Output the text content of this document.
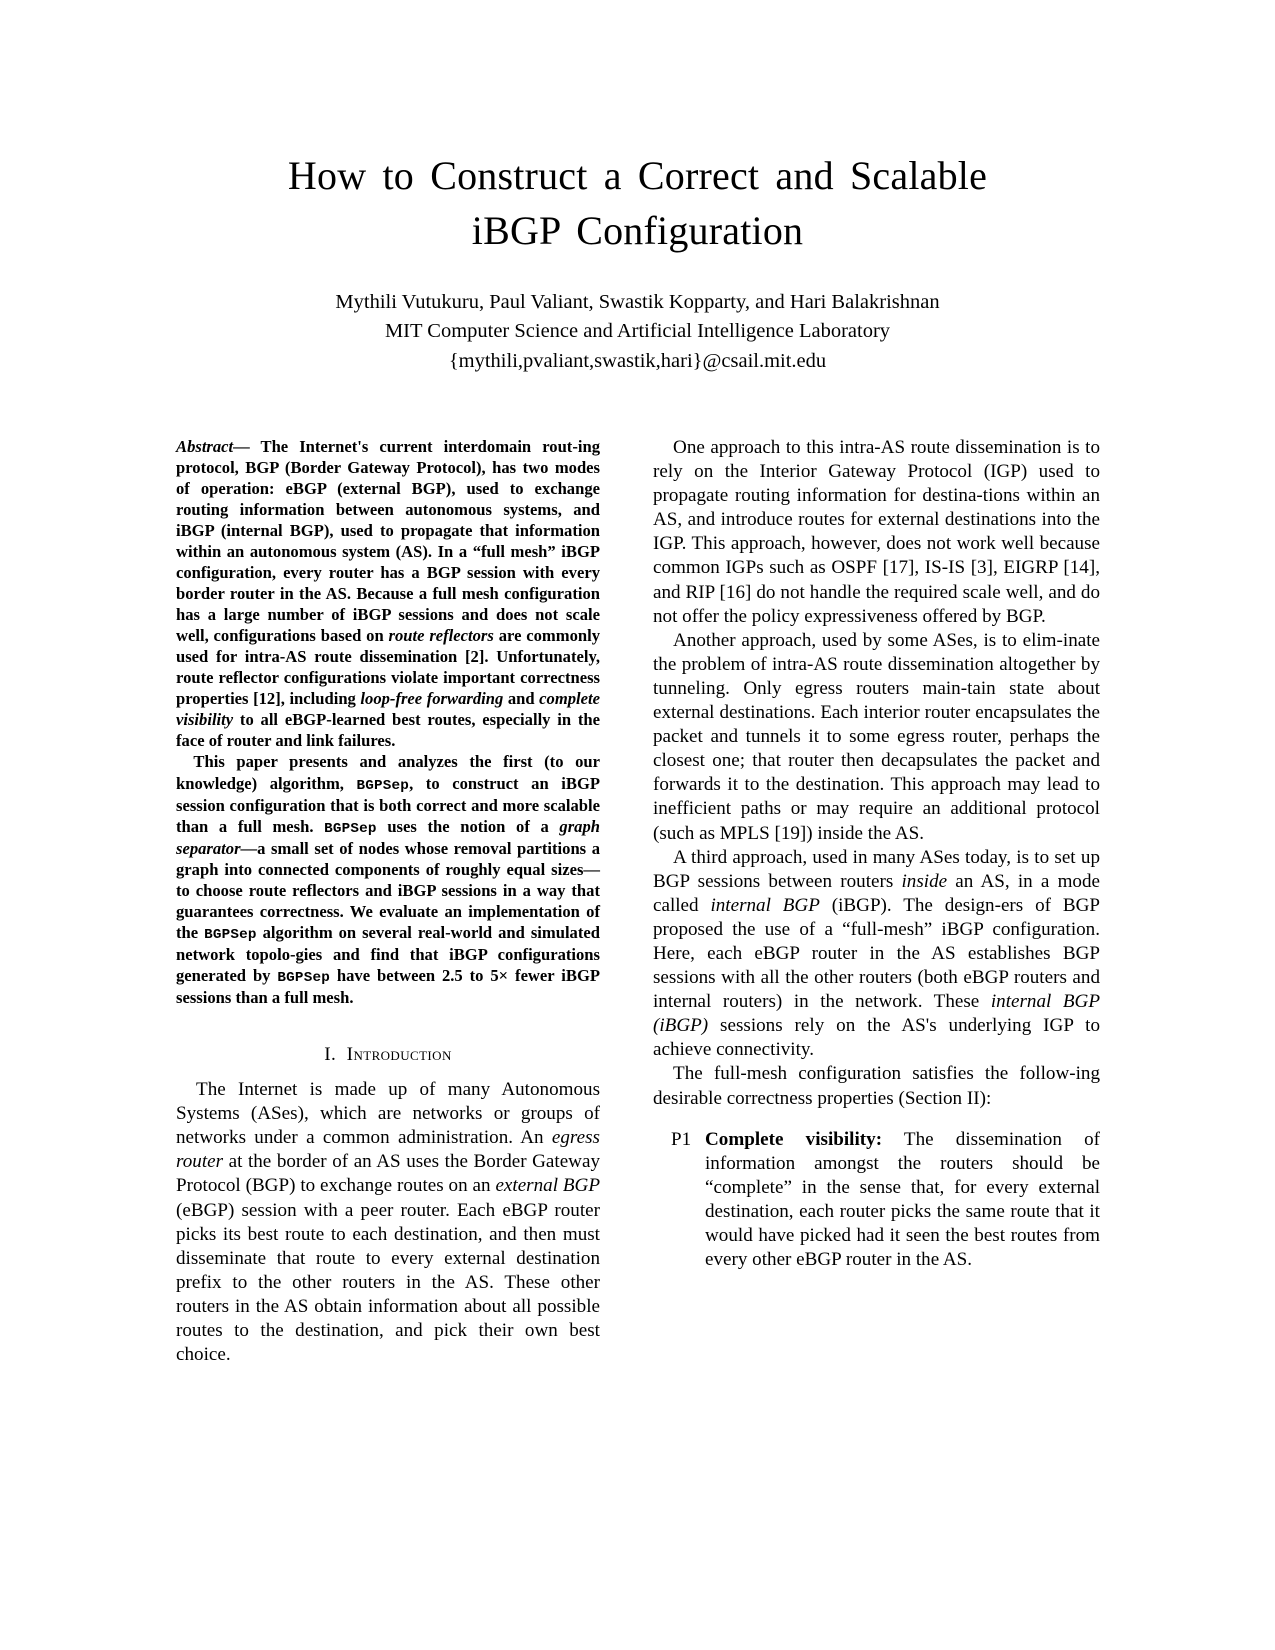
How to Construct a Correct and Scalable
iBGP Configuration
Mythili Vutukuru, Paul Valiant, Swastik Kopparty, and Hari Balakrishnan
MIT Computer Science and Artificial Intelligence Laboratory
{mythili,pvaliant,swastik,hari}@csail.mit.edu

Abstract— The Internet's current interdomain rout-ing protocol, BGP (Border Gateway Protocol), has two modes of operation: eBGP (external BGP), used to exchange routing information between autonomous systems, and iBGP (internal BGP), used to propagate that information within an autonomous system (AS). In a “full mesh” iBGP configuration, every router has a BGP session with every border router in the AS. Because a full mesh configuration has a large number of iBGP sessions and does not scale well, configurations based on route reflectors are commonly used for intra-AS route dissemination [2]. Unfortunately, route reflector configurations violate important correctness properties [12], including loop-free forwarding and complete visibility to all eBGP-learned best routes, especially in the face of router and link failures.

This paper presents and analyzes the first (to our knowledge) algorithm, BGPSep, to construct an iBGP session configuration that is both correct and more scalable than a full mesh. BGPSep uses the notion of a graph separator—a small set of nodes whose removal partitions a graph into connected components of roughly equal sizes—to choose route reflectors and iBGP sessions in a way that guarantees correctness. We evaluate an implementation of the BGPSep algorithm on several real-world and simulated network topolo-gies and find that iBGP configurations generated by BGPSep have between 2.5 to 5× fewer iBGP sessions than a full mesh.

I. Introduction

The Internet is made up of many Autonomous Systems (ASes), which are networks or groups of networks under a common administration. An egress router at the border of an AS uses the Border Gateway Protocol (BGP) to exchange routes on an external BGP (eBGP) session with a peer router. Each eBGP router picks its best route to each destination, and then must disseminate that route to every external destination prefix to the other routers in the AS. These other routers in the AS obtain information about all possible routes to the destination, and pick their own best choice.

One approach to this intra-AS route dissemination is to rely on the Interior Gateway Protocol (IGP) used to propagate routing information for destina-tions within an AS, and introduce routes for external destinations into the IGP. This approach, however, does not work well because common IGPs such as OSPF [17], IS-IS [3], EIGRP [14], and RIP [16] do not handle the required scale well, and do not offer the policy expressiveness offered by BGP.

Another approach, used by some ASes, is to elim-inate the problem of intra-AS route dissemination altogether by tunneling. Only egress routers main-tain state about external destinations. Each interior router encapsulates the packet and tunnels it to some egress router, perhaps the closest one; that router then decapsulates the packet and forwards it to the destination. This approach may lead to inefficient paths or may require an additional protocol (such as MPLS [19]) inside the AS.

A third approach, used in many ASes today, is to set up BGP sessions between routers inside an AS, in a mode called internal BGP (iBGP). The design-ers of BGP proposed the use of a “full-mesh” iBGP configuration. Here, each eBGP router in the AS establishes BGP sessions with all the other routers (both eBGP routers and internal routers) in the network. These internal BGP (iBGP) sessions rely on the AS's underlying IGP to achieve connectivity.

The full-mesh configuration satisfies the follow-ing desirable correctness properties (Section II):

P1 Complete visibility: The dissemination of information amongst the routers should be “complete” in the sense that, for every external destination, each router picks the same route that it would have picked had it seen the best routes from every other eBGP router in the AS.
